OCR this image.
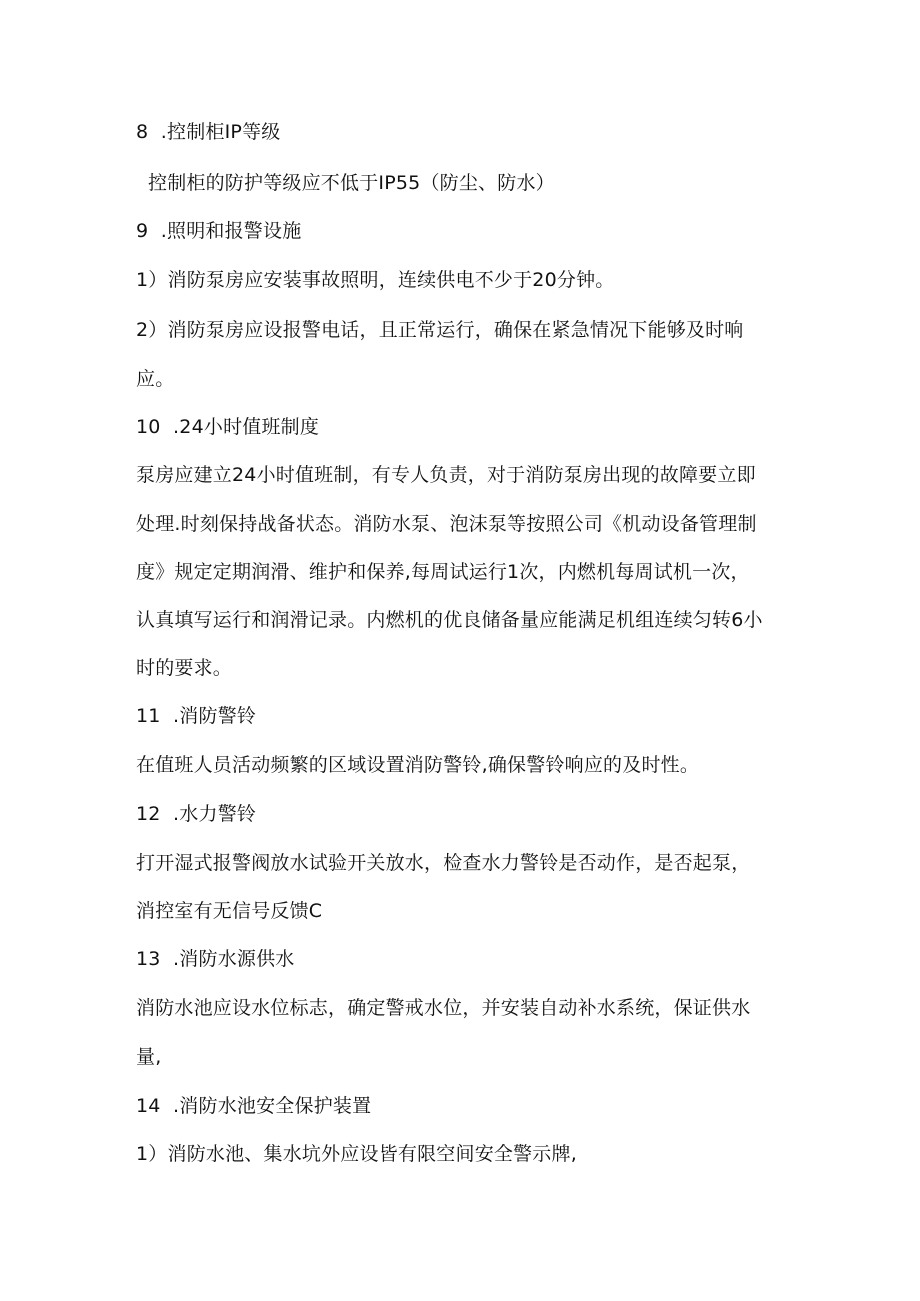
8  .控制柜IP等级
控制柜的防护等级应不低于IP55（防尘、防水）
9  .照明和报警设施
1）消防泵房应安装事故照明，连续供电不少于20分钟。
2）消防泵房应设报警电话，且正常运行，确保在紧急情况下能够及时响
应。
10  .24小时值班制度
泵房应建立24小时值班制，有专人负责，对于消防泵房出现的故障要立即
处理.时刻保持战备状态。消防水泵、泡沫泵等按照公司《机动设备管理制
度》规定定期润滑、维护和保养,每周试运行1次，内燃机每周试机一次，
认真填写运行和润滑记录。内燃机的优良储备量应能满足机组连续匀转6小
时的要求。
11  .消防警铃
在值班人员活动频繁的区域设置消防警铃,确保警铃响应的及时性。
12  .水力警铃
打开湿式报警阀放水试验开关放水，检查水力警铃是否动作，是否起泵，
消控室有无信号反馈C
13  .消防水源供水
消防水池应设水位标志，确定警戒水位，并安装自动补水系统，保证供水
量,
14  .消防水池安全保护装置
1）消防水池、集水坑外应设皆有限空间安全警示牌,
